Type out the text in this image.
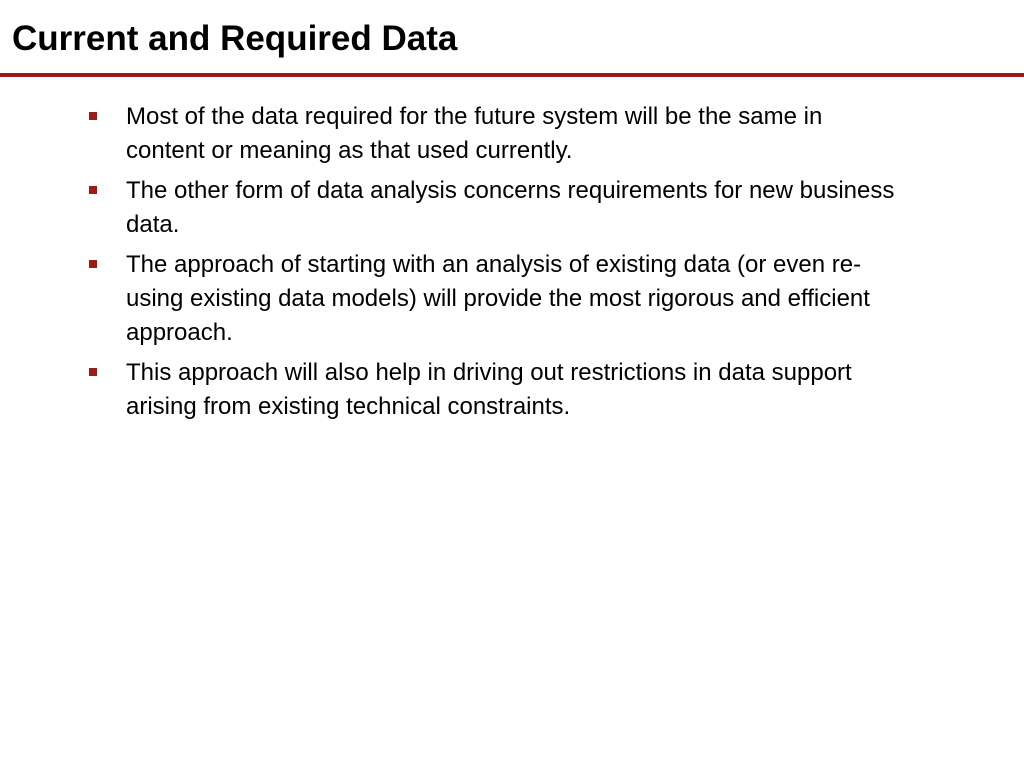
Current and Required Data
Most of the data required for the future system will be the same in content or meaning as that used currently.
The other form of data analysis concerns requirements for new business data.
The approach of starting with an analysis of existing data (or even re-using existing data models) will provide the most rigorous and efficient approach.
This approach will also help in driving out restrictions in data support arising from existing technical constraints.
